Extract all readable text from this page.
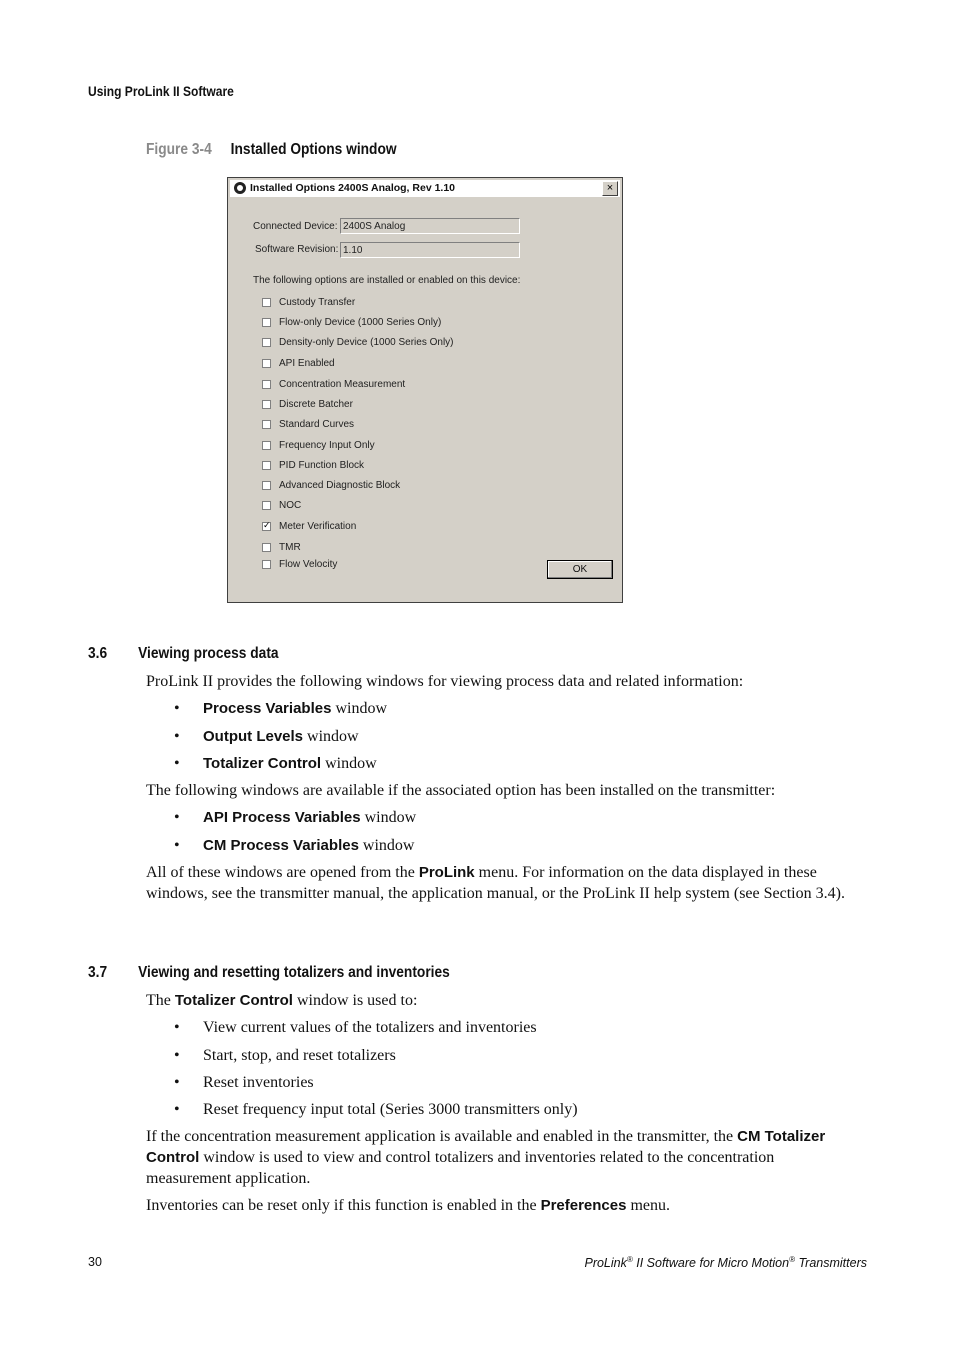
Using ProLink II Software
Figure 3-4 Installed Options window
Installed Options 2400S Analog, Rev 1.10	×
Connected Device: 2400S Analog
Software Revision: 1.10
The following options are installed or enabled on this device:
Custody Transfer
Flow-only Device (1000 Series Only)
Density-only Device (1000 Series Only)
API Enabled
Concentration Measurement
Discrete Batcher
Standard Curves
Frequency Input Only
PID Function Block
Advanced Diagnostic Block
NOC
✓
Meter Verification
TMR
Flow Velocity	OK
3.6 Viewing process data
ProLink II provides the following windows for viewing process data and related information:
• Process Variables window
• Output Levels window
• Totalizer Control window
The following windows are available if the associated option has been installed on the transmitter:
• API Process Variables window
• CM Process Variables window
All of these windows are opened from the ProLink menu. For information on the data displayed in these windows, see the transmitter manual, the application manual, or the ProLink II help system (see Section 3.4).
3.7 Viewing and resetting totalizers and inventories
The Totalizer Control window is used to:
• View current values of the totalizers and inventories
• Start, stop, and reset totalizers
• Reset inventories
• Reset frequency input total (Series 3000 transmitters only)
If the concentration measurement application is available and enabled in the transmitter, the CM Totalizer Control window is used to view and control totalizers and inventories related to the concentration measurement application.
Inventories can be reset only if this function is enabled in the Preferences menu.
30	ProLink® II Software for Micro Motion® Transmitters
